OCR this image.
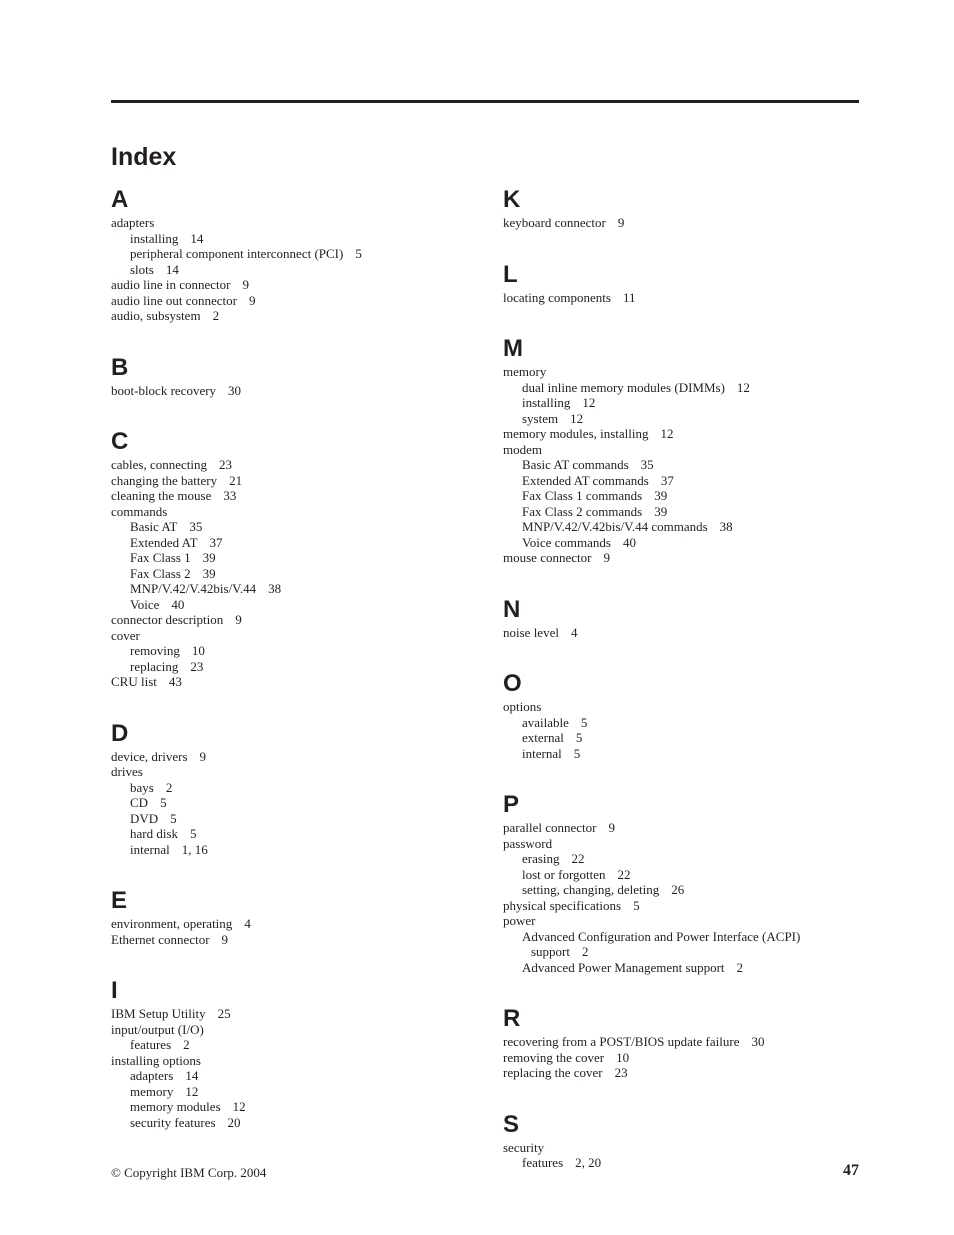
Index
A
adapters
installing 14
peripheral component interconnect (PCI) 5
slots 14
audio line in connector 9
audio line out connector 9
audio, subsystem 2
B
boot-block recovery 30
C
cables, connecting 23
changing the battery 21
cleaning the mouse 33
commands
Basic AT 35
Extended AT 37
Fax Class 1 39
Fax Class 2 39
MNP/V.42/V.42bis/V.44 38
Voice 40
connector description 9
cover
removing 10
replacing 23
CRU list 43
D
device, drivers 9
drives
bays 2
CD 5
DVD 5
hard disk 5
internal 1, 16
E
environment, operating 4
Ethernet connector 9
I
IBM Setup Utility 25
input/output (I/O)
features 2
installing options
adapters 14
memory 12
memory modules 12
security features 20
K
keyboard connector 9
L
locating components 11
M
memory
dual inline memory modules (DIMMs) 12
installing 12
system 12
memory modules, installing 12
modem
Basic AT commands 35
Extended AT commands 37
Fax Class 1 commands 39
Fax Class 2 commands 39
MNP/V.42/V.42bis/V.44 commands 38
Voice commands 40
mouse connector 9
N
noise level 4
O
options
available 5
external 5
internal 5
P
parallel connector 9
password
erasing 22
lost or forgotten 22
setting, changing, deleting 26
physical specifications 5
power
Advanced Configuration and Power Interface (ACPI)
support 2
Advanced Power Management support 2
R
recovering from a POST/BIOS update failure 30
removing the cover 10
replacing the cover 23
S
security
features 2, 20
© Copyright IBM Corp. 2004	47
